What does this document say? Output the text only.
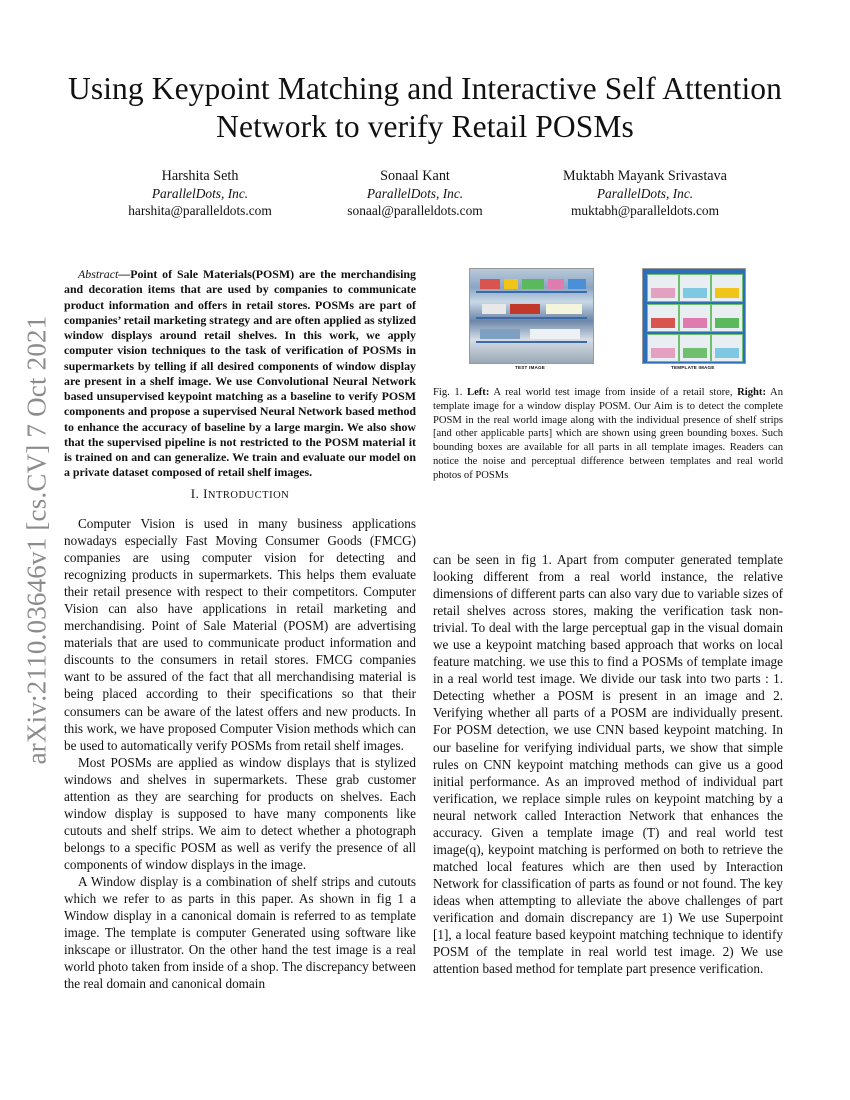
arXiv:2110.03646v1 [cs.CV] 7 Oct 2021
Using Keypoint Matching and Interactive Self Attention Network to verify Retail POSMs
Harshita Seth
ParallelDots, Inc.
harshita@paralleldots.com
Sonaal Kant
ParallelDots, Inc.
sonaal@paralleldots.com
Muktabh Mayank Srivastava
ParallelDots, Inc.
muktabh@paralleldots.com
Abstract—Point of Sale Materials(POSM) are the merchandising and decoration items that are used by companies to communicate product information and offers in retail stores. POSMs are part of companies’ retail marketing strategy and are often applied as stylized window displays around retail shelves. In this work, we apply computer vision techniques to the task of verification of POSMs in supermarkets by telling if all desired components of window display are present in a shelf image. We use Convolutional Neural Network based unsupervised keypoint matching as a baseline to verify POSM components and propose a supervised Neural Network based method to enhance the accuracy of baseline by a large margin. We also show that the supervised pipeline is not restricted to the POSM material it is trained on and can generalize. We train and evaluate our model on a private dataset composed of retail shelf images.
I. INTRODUCTION

Computer Vision is used in many business applications nowadays especially Fast Moving Consumer Goods (FMCG) companies are using computer vision for detecting and recognizing products in supermarkets. This helps them evaluate their retail presence with respect to their competitors. Computer Vision can also have applications in retail marketing and merchandising. Point of Sale Material (POSM) are advertising materials that are used to communicate product information and discounts to the consumers in retail stores. FMCG companies want to be assured of the fact that all merchandising material is being placed according to their specifications so that their consumers can be aware of the latest offers and new products. In this work, we have proposed Computer Vision methods which can be used to automatically verify POSMs from retail shelf images.

Most POSMs are applied as window displays that is stylized windows and shelves in supermarkets. These grab customer attention as they are searching for products on shelves. Each window display is supposed to have many components like cutouts and shelf strips. We aim to detect whether a photograph belongs to a specific POSM as well as verify the presence of all components of window displays in the image.

A Window display is a combination of shelf strips and cutouts which we refer to as parts in this paper. As shown in fig 1 a Window display in a canonical domain is referred to as template image. The template is computer Generated using software like inkscape or illustrator. On the other hand the test image is a real world photo taken from inside of a shop. The discrepancy between the real domain and canonical domain

TEST IMAGE	TEMPLATE IMAGE
Fig. 1. Left: A real world test image from inside of a retail store, Right: An template image for a window display POSM. Our Aim is to detect the complete POSM in the real world image along with the individual presence of shelf strips [and other applicable parts] which are shown using green bounding boxes. Such bounding boxes are available for all parts in all template images. Readers can notice the noise and perceptual difference between templates and real world photos of POSMs

can be seen in fig 1. Apart from computer generated template looking different from a real world instance, the relative dimensions of different parts can also vary due to variable sizes of retail shelves across stores, making the verification task non-trivial. To deal with the large perceptual gap in the visual domain we use a keypoint matching based approach that works on local feature matching. we use this to find a POSMs of template image in a real world test image. We divide our task into two parts : 1. Detecting whether a POSM is present in an image and 2. Verifying whether all parts of a POSM are individually present. For POSM detection, we use CNN based keypoint matching. In our baseline for verifying individual parts, we show that simple rules on CNN keypoint matching methods can give us a good initial performance. As an improved method of individual part verification, we replace simple rules on keypoint matching by a neural network called Interaction Network that enhances the accuracy. Given a template image (T) and real world test image(q), keypoint matching is performed on both to retrieve the matched local features which are then used by Interaction Network for classification of parts as found or not found. The key ideas when attempting to alleviate the above challenges of part verification and domain discrepancy are 1) We use Superpoint [1], a local feature based keypoint matching technique to identify POSM of the template in real world test image. 2) We use attention based method for template part presence verification.
